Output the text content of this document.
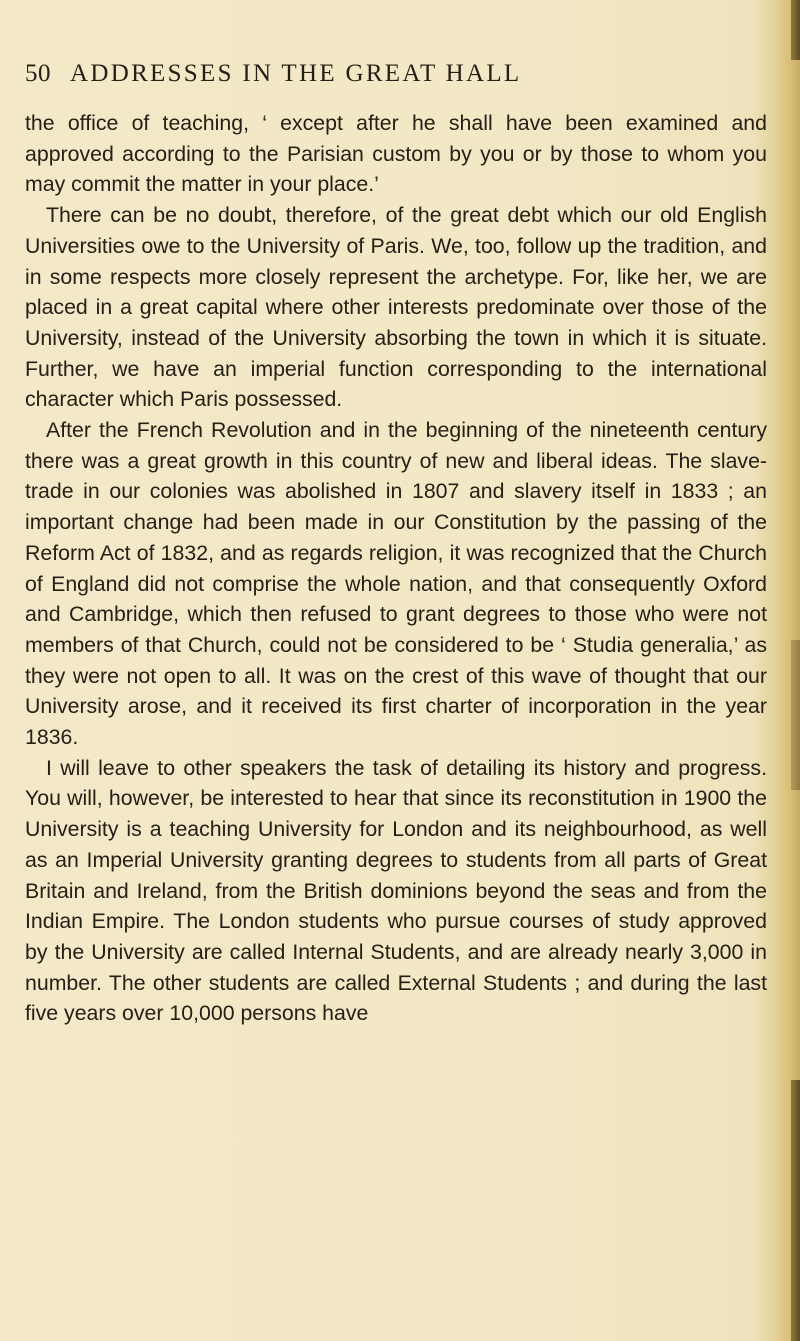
50 ADDRESSES IN THE GREAT HALL

the office of teaching, ‘ except after he shall have been examined and approved according to the Parisian custom by you or by those to whom you may commit the matter in your place.’

There can be no doubt, therefore, of the great debt which our old English Universities owe to the University of Paris. We, too, follow up the tradition, and in some respects more closely represent the archetype. For, like her, we are placed in a great capital where other interests predominate over those of the University, instead of the University absorbing the town in which it is situate. Further, we have an imperial function corresponding to the international character which Paris possessed.

After the French Revolution and in the beginning of the nineteenth century there was a great growth in this country of new and liberal ideas. The slave-trade in our colonies was abolished in 1807 and slavery itself in 1833 ; an important change had been made in our Constitution by the passing of the Reform Act of 1832, and as regards religion, it was recognized that the Church of England did not comprise the whole nation, and that consequently Oxford and Cambridge, which then refused to grant degrees to those who were not members of that Church, could not be considered to be ‘ Studia generalia,’ as they were not open to all. It was on the crest of this wave of thought that our University arose, and it received its first charter of incorporation in the year 1836.

I will leave to other speakers the task of detailing its history and progress. You will, however, be interested to hear that since its reconstitution in 1900 the University is a teaching University for London and its neighbourhood, as well as an Imperial University granting degrees to students from all parts of Great Britain and Ireland, from the British dominions beyond the seas and from the Indian Empire. The London students who pursue courses of study approved by the University are called Internal Students, and are already nearly 3,000 in number. The other students are called External Students ; and during the last five years over 10,000 persons have
